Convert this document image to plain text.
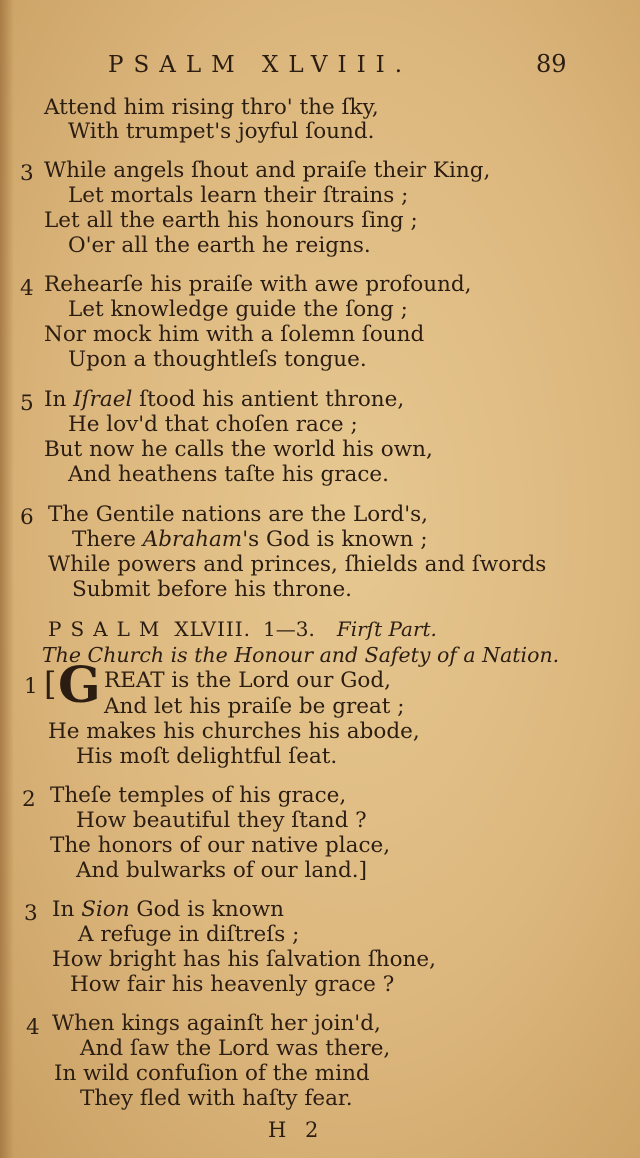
PSALM XLVIII.	89
Attend him rising thro' the ſky,
With trumpet's joyful ſound.
3 While angels ſhout and praiſe their King,
Let mortals learn their ſtrains ;
Let all the earth his honours ſing ;
O'er all the earth he reigns.
4 Rehearſe his praiſe with awe profound,
Let knowledge guide the ſong ;
Nor mock him with a ſolemn ſound
Upon a thoughtleſs tongue.
5 In Iſrael ſtood his antient throne,
He lov'd that choſen race ;
But now he calls the world his own,
And heathens taſte his grace.
6 The Gentile nations are the Lord's,
There Abraham's God is known ;
While powers and princes, ſhields and ſwords
Submit before his throne.
PSALM XLVIII. 1—3. Firſt Part.
The Church is the Honour and Safety of a Nation.
1 [ G REAT is the Lord our God,
And let his praiſe be great ;
He makes his churches his abode,
His moſt delightful ſeat.
2 Theſe temples of his grace,
How beautiful they ſtand ?
The honors of our native place,
And bulwarks of our land.]
3 In Sion God is known
A refuge in diſtreſs ;
How bright has his ſalvation ſhone,
How fair his heavenly grace ?
4 When kings againſt her join'd,
And ſaw the Lord was there,
In wild confuſion of the mind
They fled with haſty fear.
H 2
